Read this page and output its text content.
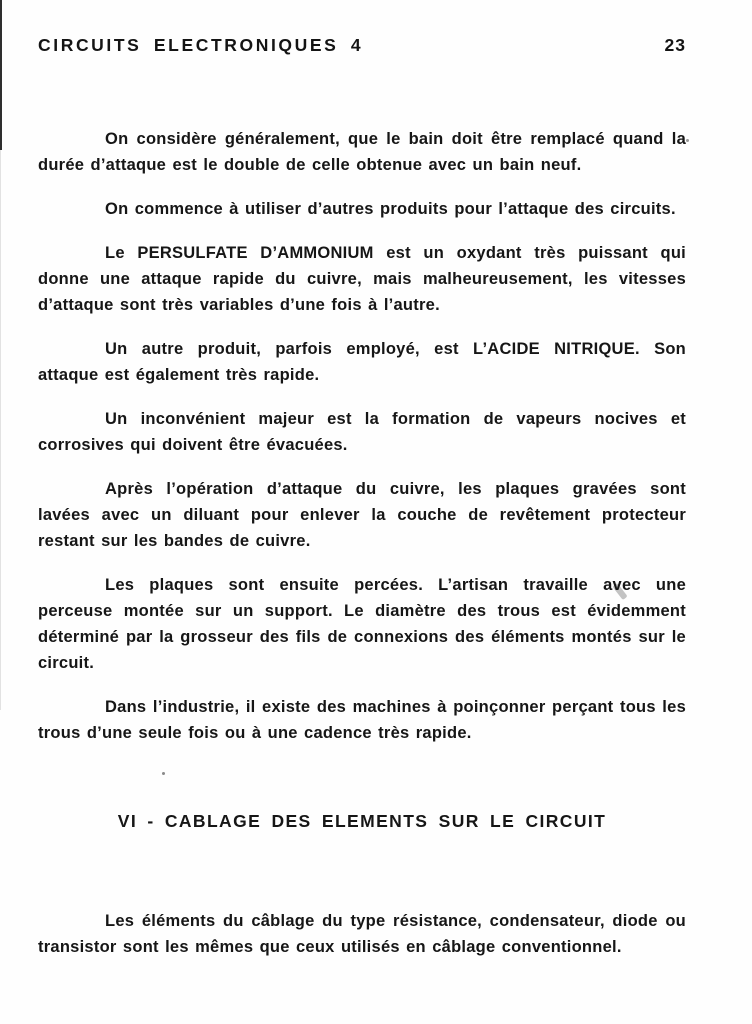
CIRCUITS ELECTRONIQUES 4	23

On considère généralement, que le bain doit être remplacé quand la durée d’attaque est le double de celle obtenue avec un bain neuf.

On commence à utiliser d’autres produits pour l’attaque des circuits.

Le PERSULFATE D’AMMONIUM est un oxydant très puissant qui donne une attaque rapide du cuivre, mais malheureusement, les vitesses d’attaque sont très variables d’une fois à l’autre.

Un autre produit, parfois employé, est L’ACIDE NITRIQUE. Son attaque est également très rapide.

Un inconvénient majeur est la formation de vapeurs nocives et corrosives qui doivent être évacuées.

Après l’opération d’attaque du cuivre, les plaques gravées sont lavées avec un diluant pour enlever la couche de revêtement protecteur restant sur les bandes de cuivre.

Les plaques sont ensuite percées. L’artisan travaille avec une perceuse montée sur un support. Le diamètre des trous est évidemment déterminé par la grosseur des fils de connexions des éléments montés sur le circuit.

Dans l’industrie, il existe des machines à poinçonner perçant tous les trous d’une seule fois ou à une cadence très rapide.

VI - CABLAGE DES ELEMENTS SUR LE CIRCUIT

Les éléments du câblage du type résistance, condensateur, diode ou transistor sont les mêmes que ceux utilisés en câblage conventionnel.
